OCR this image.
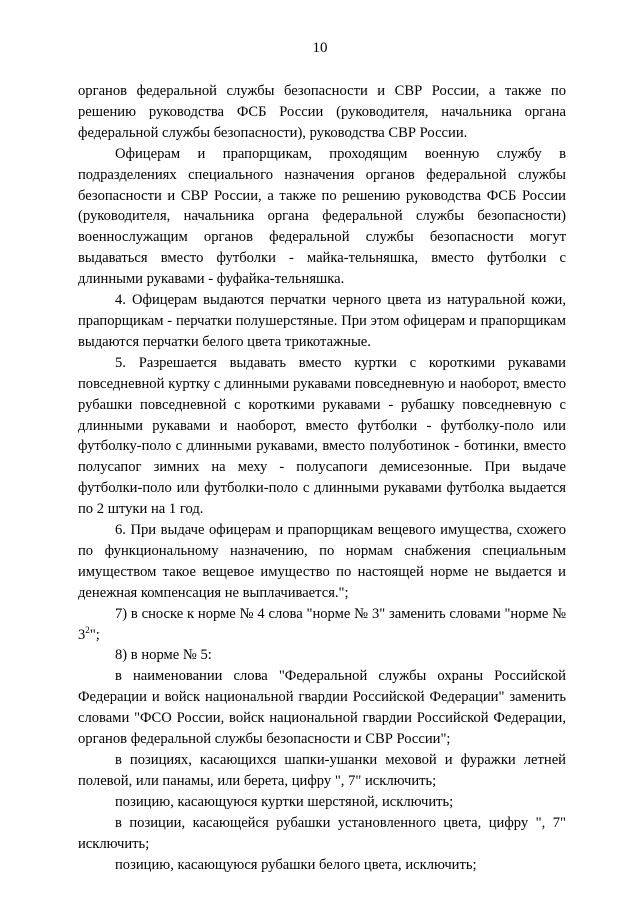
10

органов федеральной службы безопасности и СВР России, а также по решению руководства ФСБ России (руководителя, начальника органа федеральной службы безопасности), руководства СВР России.

Офицерам и прапорщикам, проходящим военную службу в подразделениях специального назначения органов федеральной службы безопасности и СВР России, а также по решению руководства ФСБ России (руководителя, начальника органа федеральной службы безопасности) военнослужащим органов федеральной службы безопасности могут выдаваться вместо футболки - майка-тельняшка, вместо футболки с длинными рукавами - фуфайка-тельняшка.

4. Офицерам выдаются перчатки черного цвета из натуральной кожи, прапорщикам - перчатки полушерстяные. При этом офицерам и прапорщикам выдаются перчатки белого цвета трикотажные.

5. Разрешается выдавать вместо куртки с короткими рукавами повседневной куртку с длинными рукавами повседневную и наоборот, вместо рубашки повседневной с короткими рукавами - рубашку повседневную с длинными рукавами и наоборот, вместо футболки - футболку-поло или футболку-поло с длинными рукавами, вместо полуботинок - ботинки, вместо полусапог зимних на меху - полусапоги демисезонные. При выдаче футболки-поло или футболки-поло с длинными рукавами футболка выдается по 2 штуки на 1 год.

6. При выдаче офицерам и прапорщикам вещевого имущества, схожего по функциональному назначению, по нормам снабжения специальным имуществом такое вещевое имущество по настоящей норме не выдается и денежная компенсация не выплачивается.";

7) в сноске к норме № 4 слова "норме № 3" заменить словами "норме № $3^2$";

8) в норме № 5:

в наименовании слова "Федеральной службы охраны Российской Федерации и войск национальной гвардии Российской Федерации" заменить словами "ФСО России, войск национальной гвардии Российской Федерации, органов федеральной службы безопасности и СВР России";

в позициях, касающихся шапки-ушанки меховой и фуражки летней полевой, или панамы, или берета, цифру ", 7" исключить;

позицию, касающуюся куртки шерстяной, исключить;

в позиции, касающейся рубашки установленного цвета, цифру ", 7" исключить;

позицию, касающуюся рубашки белого цвета, исключить;
